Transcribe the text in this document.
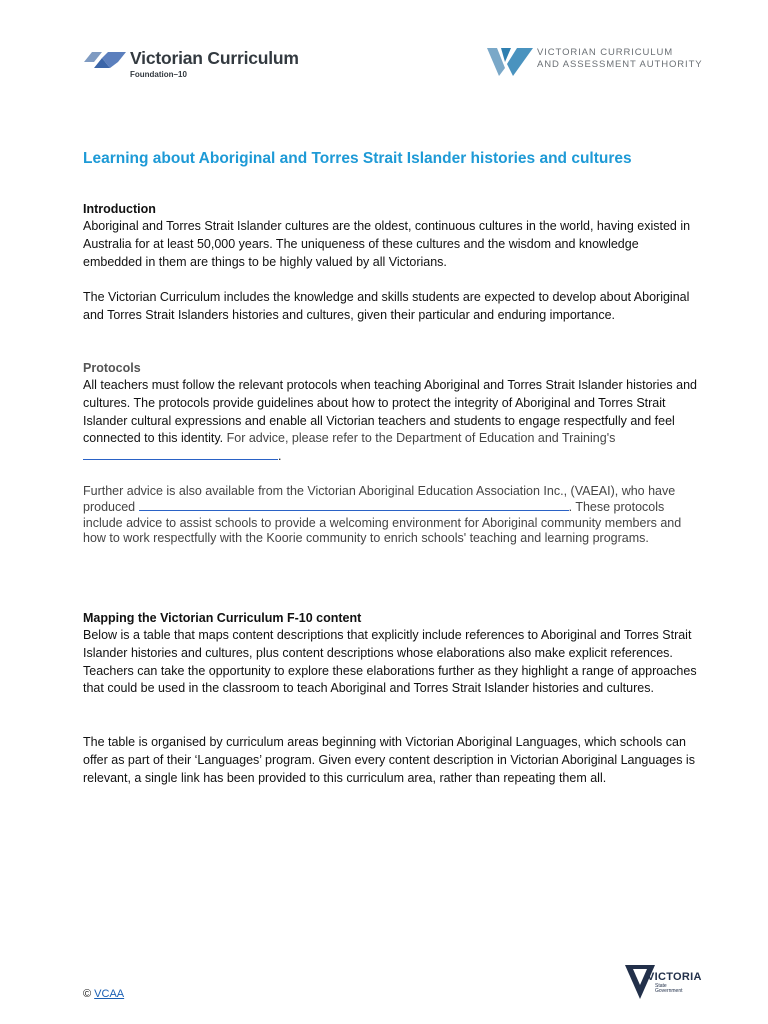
Victorian Curriculum
Foundation–10
VICTORIAN CURRICULUM
AND ASSESSMENT AUTHORITY
Learning about Aboriginal and Torres Strait Islander histories and cultures
Introduction
Aboriginal and Torres Strait Islander cultures are the oldest, continuous cultures in the world, having existed in Australia for at least 50,000 years. The uniqueness of these cultures and the wisdom and knowledge embedded in them are things to be highly valued by all Victorians.
The Victorian Curriculum includes the knowledge and skills students are expected to develop about Aboriginal and Torres Strait Islanders histories and cultures, given their particular and enduring importance.
Protocols
All teachers must follow the relevant protocols when teaching Aboriginal and Torres Strait Islander histories and cultures. The protocols provide guidelines about how to protect the integrity of Aboriginal and Torres Strait Islander cultural expressions and enable all Victorian teachers and students to engage respectfully and feel connected to this identity. For advice, please refer to the Department of Education and Training's .
Further advice is also available from the Victorian Aboriginal Education Association Inc., (VAEAI), who have produced	. These protocols include advice to assist schools to provide a welcoming environment for Aboriginal community members and how to work respectfully with the Koorie community to enrich schools' teaching and learning programs.
Mapping the Victorian Curriculum F-10 content
Below is a table that maps content descriptions that explicitly include references to Aboriginal and Torres Strait Islander histories and cultures, plus content descriptions whose elaborations also make explicit references. Teachers can take the opportunity to explore these elaborations further as they highlight a range of approaches that could be used in the classroom to teach Aboriginal and Torres Strait Islander histories and cultures.
The table is organised by curriculum areas beginning with Victorian Aboriginal Languages, which schools can offer as part of their ‘Languages’ program. Given every content description in Victorian Aboriginal Languages is relevant, a single link has been provided to this curriculum area, rather than repeating them all.
© VCAA
VICTORIA
State
Government
